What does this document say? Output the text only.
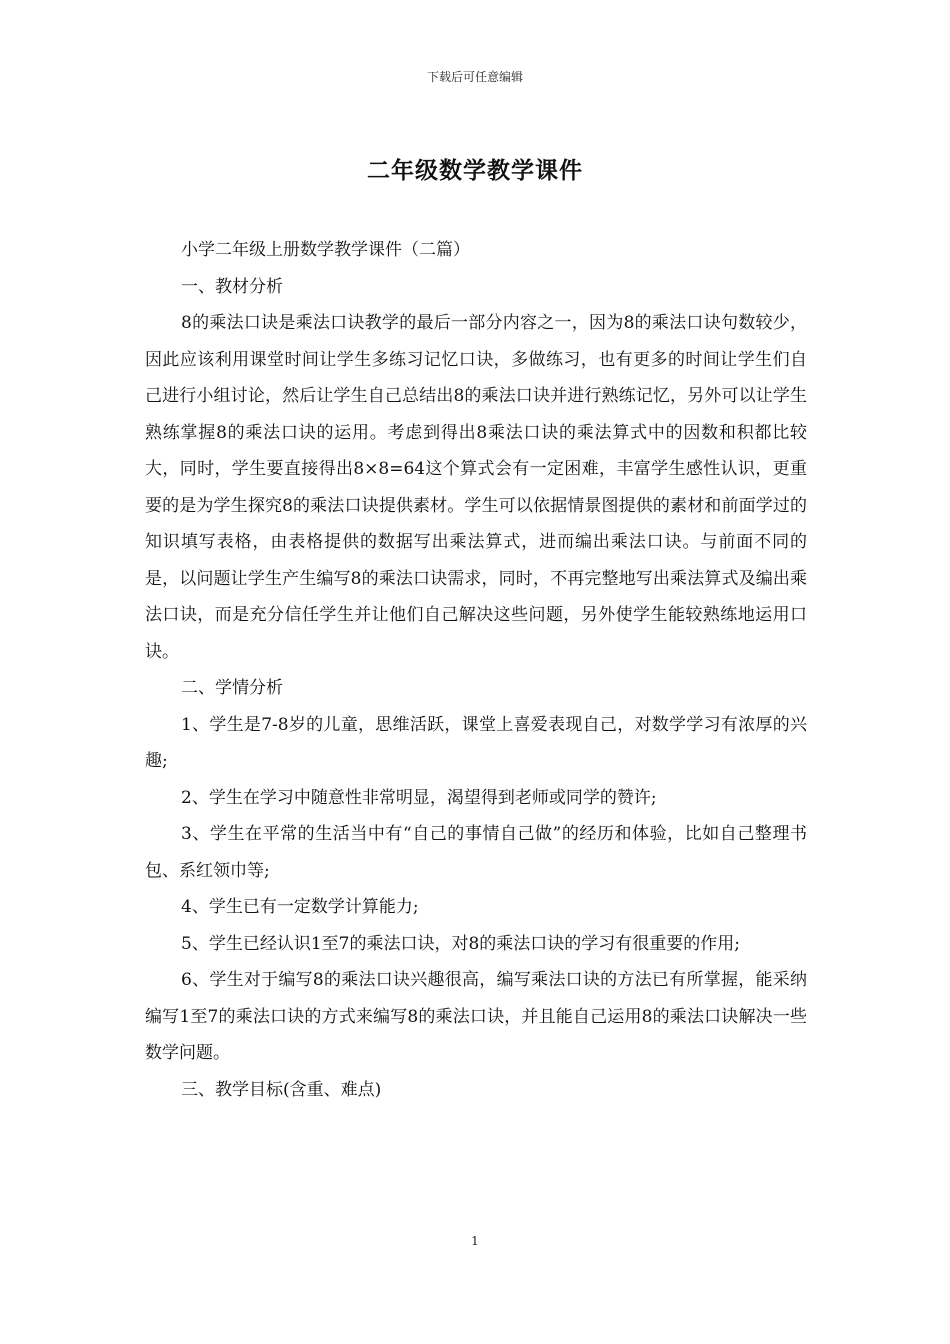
下载后可任意编辑
二年级数学教学课件

小学二年级上册数学教学课件（二篇）

一、教材分析

8的乘法口诀是乘法口诀教学的最后一部分内容之一，因为8的乘法口诀句数较少，因此应该利用课堂时间让学生多练习记忆口诀，多做练习，也有更多的时间让学生们自己进行小组讨论，然后让学生自己总结出8的乘法口诀并进行熟练记忆，另外可以让学生熟练掌握8的乘法口诀的运用。考虑到得出8乘法口诀的乘法算式中的因数和积都比较大，同时，学生要直接得出8×8=64这个算式会有一定困难，丰富学生感性认识，更重要的是为学生探究8的乘法口诀提供素材。学生可以依据情景图提供的素材和前面学过的知识填写表格，由表格提供的数据写出乘法算式，进而编出乘法口诀。与前面不同的是，以问题让学生产生编写8的乘法口诀需求，同时，不再完整地写出乘法算式及编出乘法口诀，而是充分信任学生并让他们自己解决这些问题，另外使学生能较熟练地运用口诀。

二、学情分析

1、学生是7-8岁的儿童，思维活跃，课堂上喜爱表现自己，对数学学习有浓厚的兴趣;

2、学生在学习中随意性非常明显，渴望得到老师或同学的赞许;

3、学生在平常的生活当中有“自己的事情自己做”的经历和体验，比如自己整理书包、系红领巾等;

4、学生已有一定数学计算能力;

5、学生已经认识1至7的乘法口诀，对8的乘法口诀的学习有很重要的作用;

6、学生对于编写8的乘法口诀兴趣很高，编写乘法口诀的方法已有所掌握，能采纳编写1至7的乘法口诀的方式来编写8的乘法口诀，并且能自己运用8的乘法口诀解决一些数学问题。

三、教学目标(含重、难点)

1
